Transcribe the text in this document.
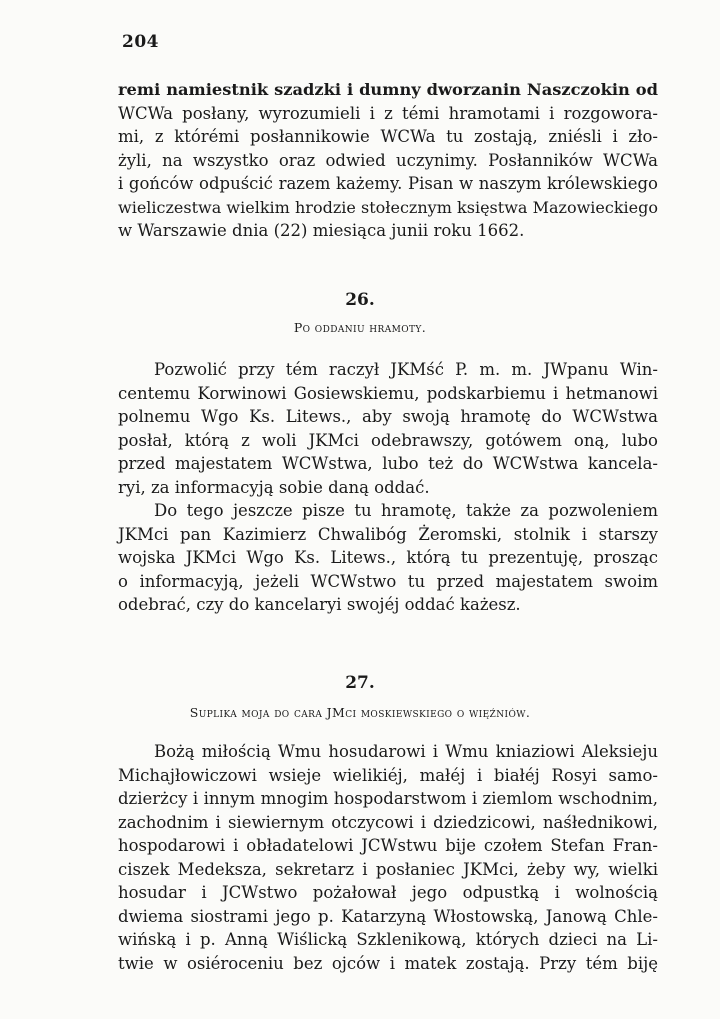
204
remi namiestnik szadzki i dumny dworzanin Naszczokin od
WCWa posłany, wyrozumieli i z témi hramotami i rozgowora-
mi, z którémi posłannikowie WCWa tu zostają, zniésli i zło-
żyli, na wszystko oraz odwied uczynimy. Posłanników WCWa
i gońców odpuścić razem każemy. Pisan w naszym królewskiego
wieliczestwa wielkim hrodzie stołecznym księstwa Mazowieckiego
w Warszawie dnia (22) miesiąca junii roku 1662.
26.
Po oddaniu hramoty.
Pozwolić przy tém raczył JKMść P. m. m. JWpanu Win-
centemu Korwinowi Gosiewskiemu, podskarbiemu i hetmanowi
polnemu Wgo Ks. Litews., aby swoją hramotę do WCWstwa
posłał, którą z woli JKMci odebrawszy, gotówem oną, lubo
przed majestatem WCWstwa, lubo też do WCWstwa kancela-
ryi, za informacyją sobie daną oddać.
Do tego jeszcze pisze tu hramotę, także za pozwoleniem
JKMci pan Kazimierz Chwalibóg Żeromski, stolnik i starszy
wojska JKMci Wgo Ks. Litews., którą tu prezentuję, prosząc
o informacyją, jeżeli WCWstwo tu przed majestatem swoim
odebrać, czy do kancelaryi swojéj oddać każesz.
27.
Suplika moja do cara JMci moskiewskiego o więźniów.
Bożą miłością Wmu hosudarowi i Wmu kniaziowi Aleksieju
Michajłowiczowi wsieje wielikiéj, małéj i białéj Rosyi samo-
dzierżcy i innym mnogim hospodarstwom i ziemlom wschodnim,
zachodnim i siewiernym otczycowi i dziedzicowi, naśłednikowi,
hospodarowi i obładatelowi JCWstwu bije czołem Stefan Fran-
ciszek Medeksza, sekretarz i posłaniec JKMci, żeby wy, wielki
hosudar i JCWstwo pożałował jego odpustką i wolnością
dwiema siostrami jego p. Katarzyną Włostowską, Janową Chle-
wińską i p. Anną Wiślicką Szklenikową, których dzieci na Li-
twie w osiéroceniu bez ojców i matek zostają. Przy tém biję
